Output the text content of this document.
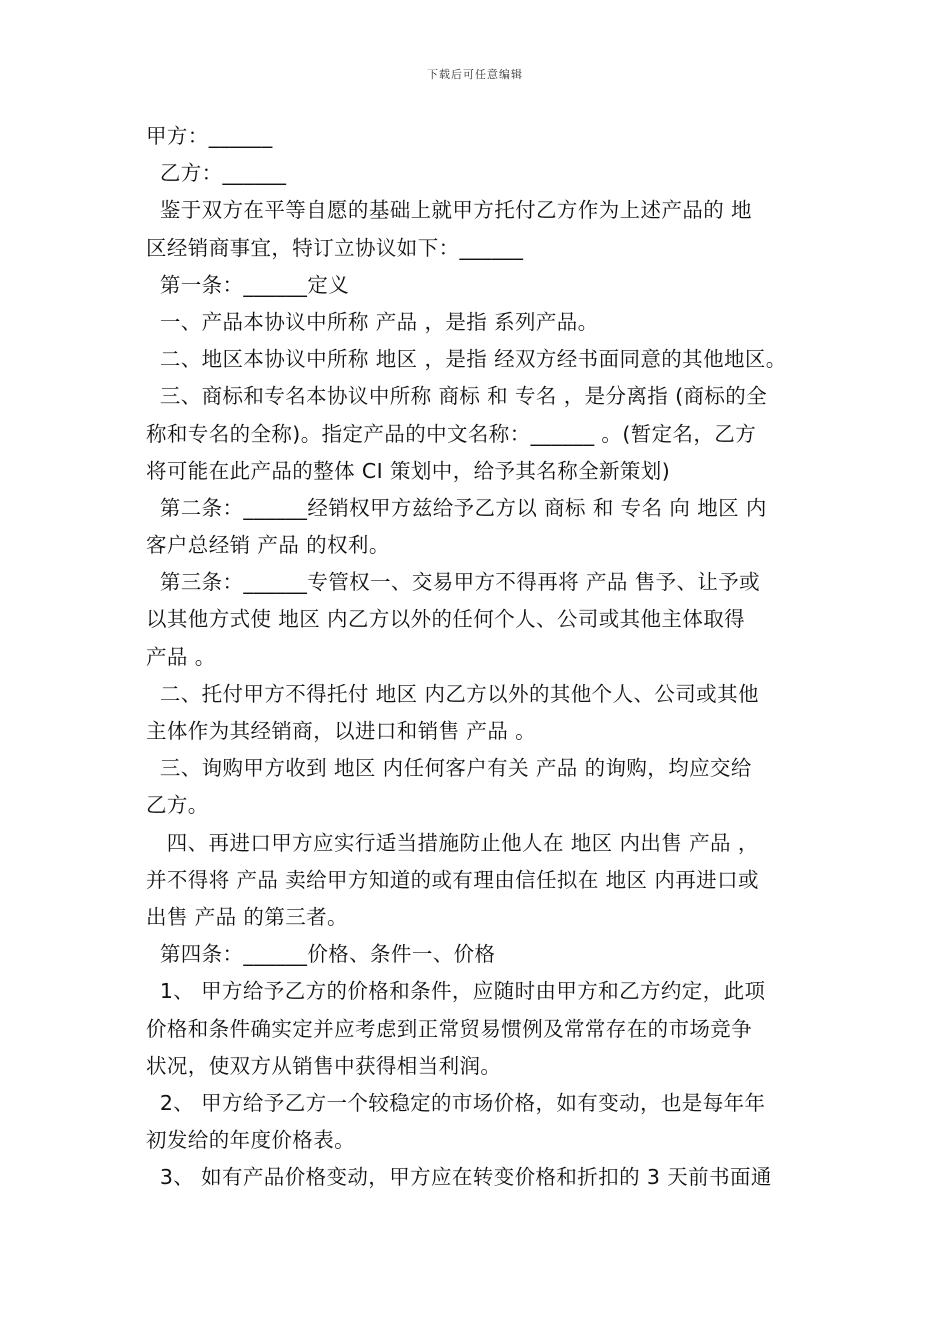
下载后可任意编辑
甲方：______
乙方：______
鉴于双方在平等自愿的基础上就甲方托付乙方作为上述产品的 地
区经销商事宜，特订立协议如下：______
第一条：______定义
一、产品本协议中所称 产品 ，是指 系列产品。
二、地区本协议中所称 地区 ，是指 经双方经书面同意的其他地区。
三、商标和专名本协议中所称 商标 和 专名 ，是分离指 (商标的全
称和专名的全称)。指定产品的中文名称：______ 。(暂定名，乙方
将可能在此产品的整体 CI 策划中，给予其名称全新策划)
第二条：______经销权甲方兹给予乙方以 商标 和 专名 向 地区 内
客户总经销 产品 的权利。
第三条：______专管权一、交易甲方不得再将 产品 售予、让予或
以其他方式使 地区 内乙方以外的任何个人、公司或其他主体取得
产品 。
二、托付甲方不得托付 地区 内乙方以外的其他个人、公司或其他
主体作为其经销商，以进口和销售 产品 。
三、询购甲方收到 地区 内任何客户有关 产品 的询购，均应交给
乙方。
四、再进口甲方应实行适当措施防止他人在 地区 内出售 产品 ，
并不得将 产品 卖给甲方知道的或有理由信任拟在 地区 内再进口或
出售 产品 的第三者。
第四条：______价格、条件一、价格
1、 甲方给予乙方的价格和条件，应随时由甲方和乙方约定，此项
价格和条件确实定并应考虑到正常贸易惯例及常常存在的市场竞争
状况，使双方从销售中获得相当利润。
2、 甲方给予乙方一个较稳定的市场价格，如有变动，也是每年年
初发给的年度价格表。
3、 如有产品价格变动，甲方应在转变价格和折扣的 3 天前书面通
